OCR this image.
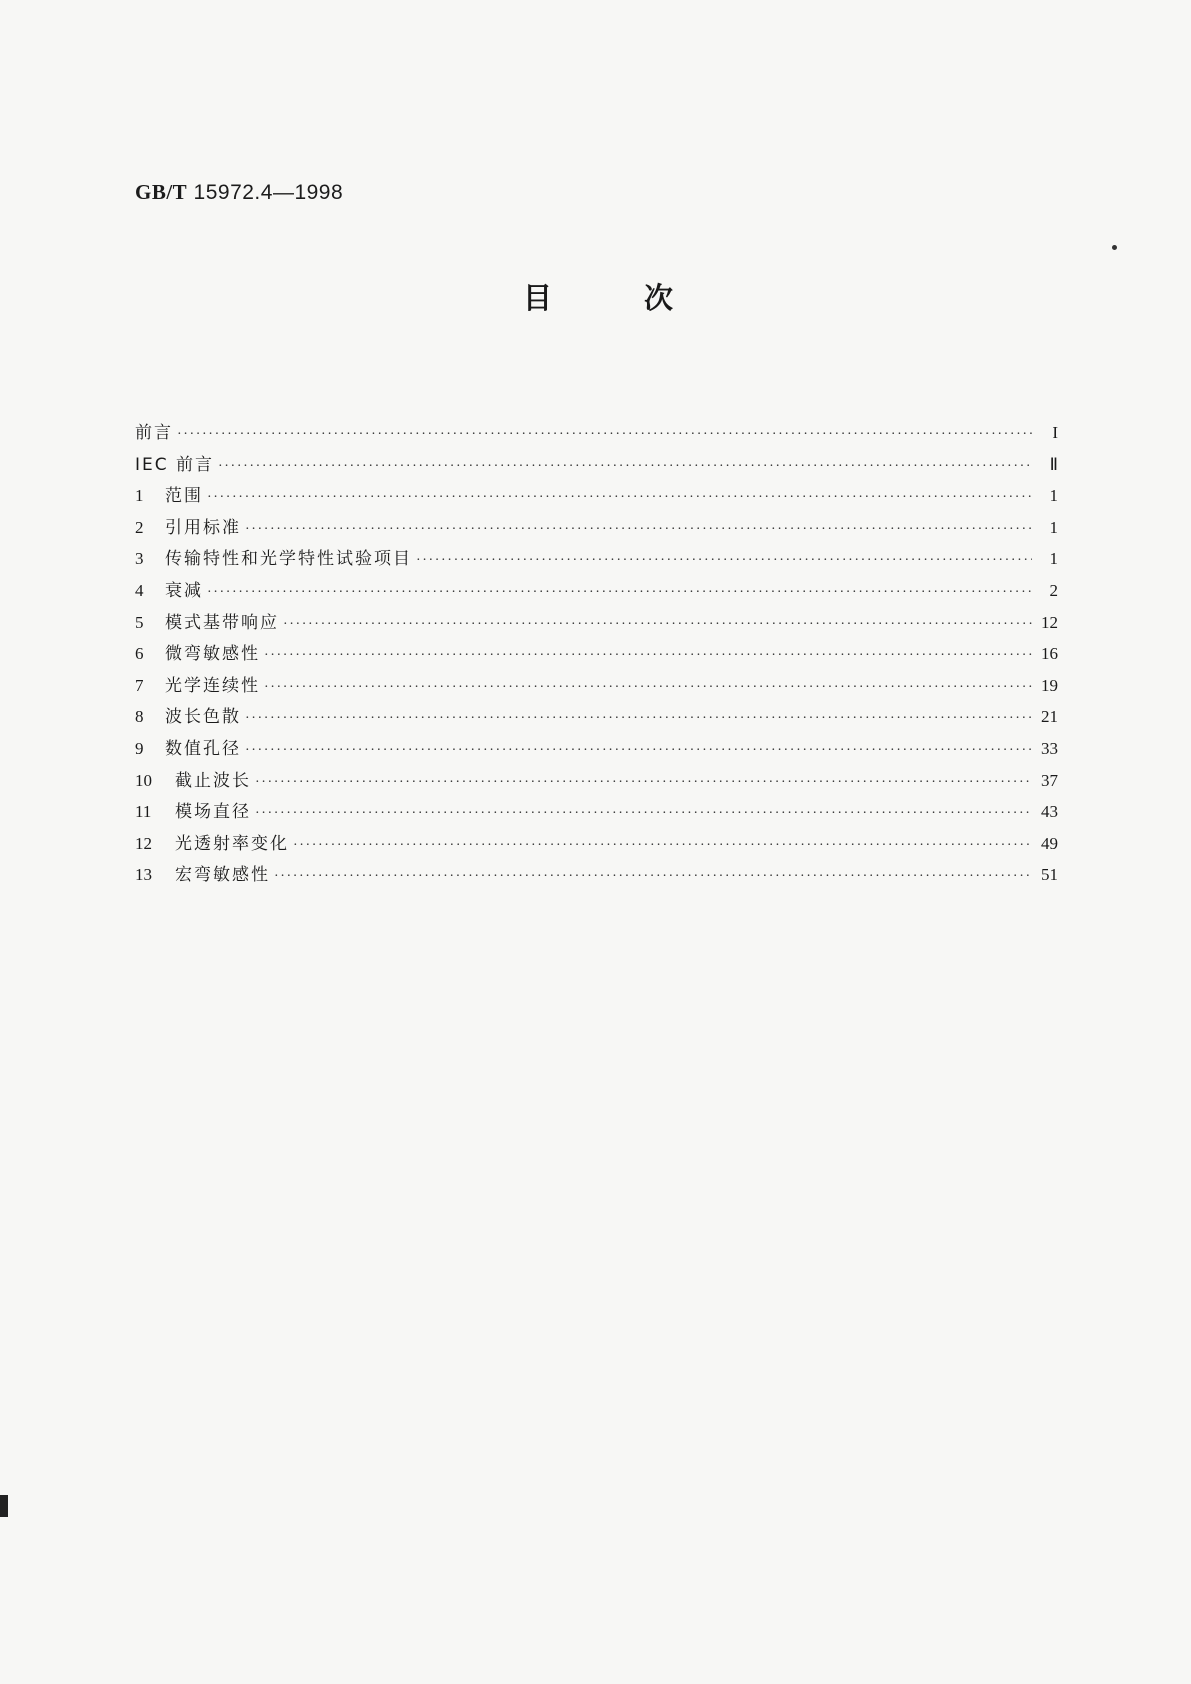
GB/T 15972.4—1998
目	次
前言 ·····	I
IEC 前言 ·····	Ⅱ
1	范围 ·····	1
2	引用标准 ·····	1
3	传输特性和光学特性试验项目 ·····	1
4	衰减 ·····	2
5	模式基带响应 ·····	12
6	微弯敏感性 ·····	16
7	光学连续性 ·····	19
8	波长色散 ·····	21
9	数值孔径 ·····	33
10	截止波长 ·····	37
11	模场直径 ·····	43
12	光透射率变化 ·····	49
13	宏弯敏感性 ·····	51
